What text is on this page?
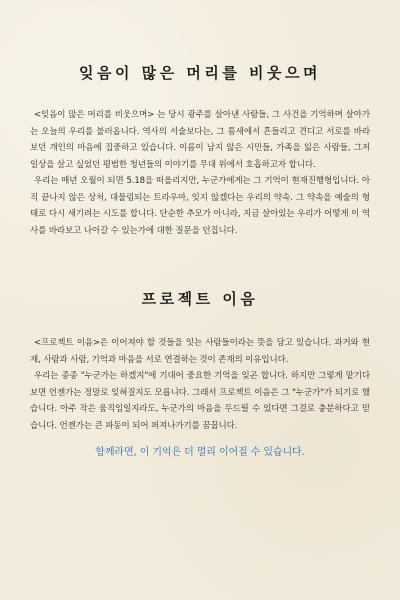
잊음이 많은 머리를 비웃으며

<잊음이 많은 머리를 비웃으며> 는 당시 광주를 살아낸 사람들, 그 사건을 기억하며 살아가는 오늘의 우리를 불러옵니다. 역사의 서술보다는, 그 틈새에서 흔들리고 견디고 서로를 바라보던 개인의 마음에 집중하고 있습니다. 이름이 남지 않은 시민들, 가족을 잃은 사람들, 그저 일상을 살고 싶었던 평범한 청년들의 이야기를 무대 위에서 호흡하고자 합니다.

우리는 매년 오월이 되면 5.18을 떠올리지만, 누군가에게는 그 기억이 현재진행형입니다. 아직 끝나지 않은 상처, 대물림되는 트라우마, 잊지 않겠다는 우리의 약속. 그 약속을 예술의 형태로 다시 새기려는 시도를 합니다. 단순한 추모가 아니라, 지금 살아있는 우리가 어떻게 이 역사를 바라보고 나아갈 수 있는가에 대한 질문을 던집니다.

프로젝트 이음

<프로젝트 이음>은 이어져야 할 것들을 잇는 사람들이라는 뜻을 담고 있습니다. 과거와 현재, 사람과 사람, 기억과 마음을 서로 연결하는 것이 존재의 이유입니다.

우리는 종종 "누군가는 하겠지"에 기대어 중요한 기억을 잊곤 합니다. 하지만 그렇게 맡기다 보면 언젠가는 정말로 잊혀질지도 모릅니다. 그래서 프로젝트 이음은 그 "누군가"가 되기로 했습니다. 아주 작은 움직임일지라도, 누군가의 마음을 두드릴 수 있다면 그걸로 충분하다고 믿습니다. 언젠가는 큰 파동이 되어 퍼져나가기를 꿈꿉니다.

함께라면, 이 기억은 더 멀리 이어질 수 있습니다.
